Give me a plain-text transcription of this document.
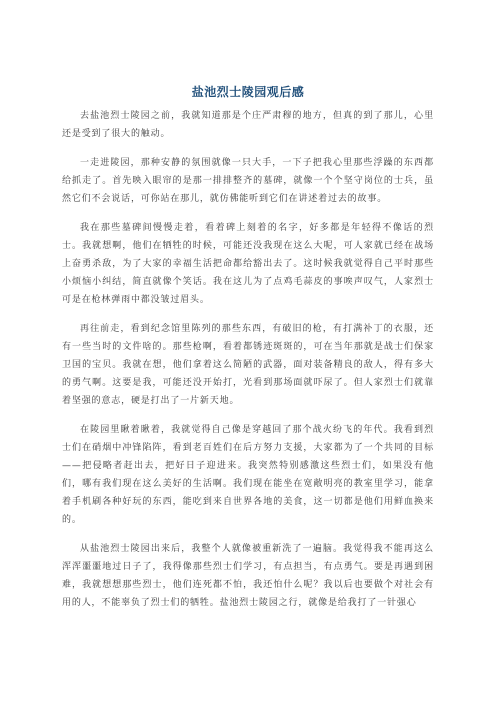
盐池烈士陵园观后感

去盐池烈士陵园之前，我就知道那是个庄严肃穆的地方，但真的到了那儿，心里还是受到了很大的触动。

一走进陵园，那种安静的氛围就像一只大手，一下子把我心里那些浮躁的东西都给抓走了。首先映入眼帘的是那一排排整齐的墓碑，就像一个个坚守岗位的士兵，虽然它们不会说话，可你站在那儿，就仿佛能听到它们在讲述着过去的故事。

我在那些墓碑间慢慢走着，看着碑上刻着的名字，好多都是年轻得不像话的烈士。我就想啊，他们在牺牲的时候，可能还没我现在这么大呢，可人家就已经在战场上奋勇杀敌，为了大家的幸福生活把命都给豁出去了。这时候我就觉得自己平时那些小烦恼小纠结，简直就像个笑话。我在这儿为了点鸡毛蒜皮的事唉声叹气，人家烈士可是在枪林弹雨中都没皱过眉头。

再往前走，看到纪念馆里陈列的那些东西，有破旧的枪，有打满补丁的衣服，还有一些当时的文件啥的。那些枪啊，看着都锈迹斑斑的，可在当年那就是战士们保家卫国的宝贝。我就在想，他们拿着这么简陋的武器，面对装备精良的敌人，得有多大的勇气啊。这要是我，可能还没开始打，光看到那场面就吓尿了。但人家烈士们就靠着坚强的意志，硬是打出了一片新天地。

在陵园里瞅着瞅着，我就觉得自己像是穿越回了那个战火纷飞的年代。我看到烈士们在硝烟中冲锋陷阵，看到老百姓们在后方努力支援，大家都为了一个共同的目标——把侵略者赶出去，把好日子迎进来。我突然特别感激这些烈士们，如果没有他们，哪有我们现在这么美好的生活啊。我们现在能坐在宽敞明亮的教室里学习，能拿着手机刷各种好玩的东西，能吃到来自世界各地的美食，这一切都是他们用鲜血换来的。

从盐池烈士陵园出来后，我整个人就像被重新洗了一遍脑。我觉得我不能再这么浑浑噩噩地过日子了，我得像那些烈士们学习，有点担当，有点勇气。要是再遇到困难，我就想想那些烈士，他们连死都不怕，我还怕什么呢？我以后也要做个对社会有用的人，不能辜负了烈士们的牺牲。盐池烈士陵园之行，就像是给我打了一针强心
